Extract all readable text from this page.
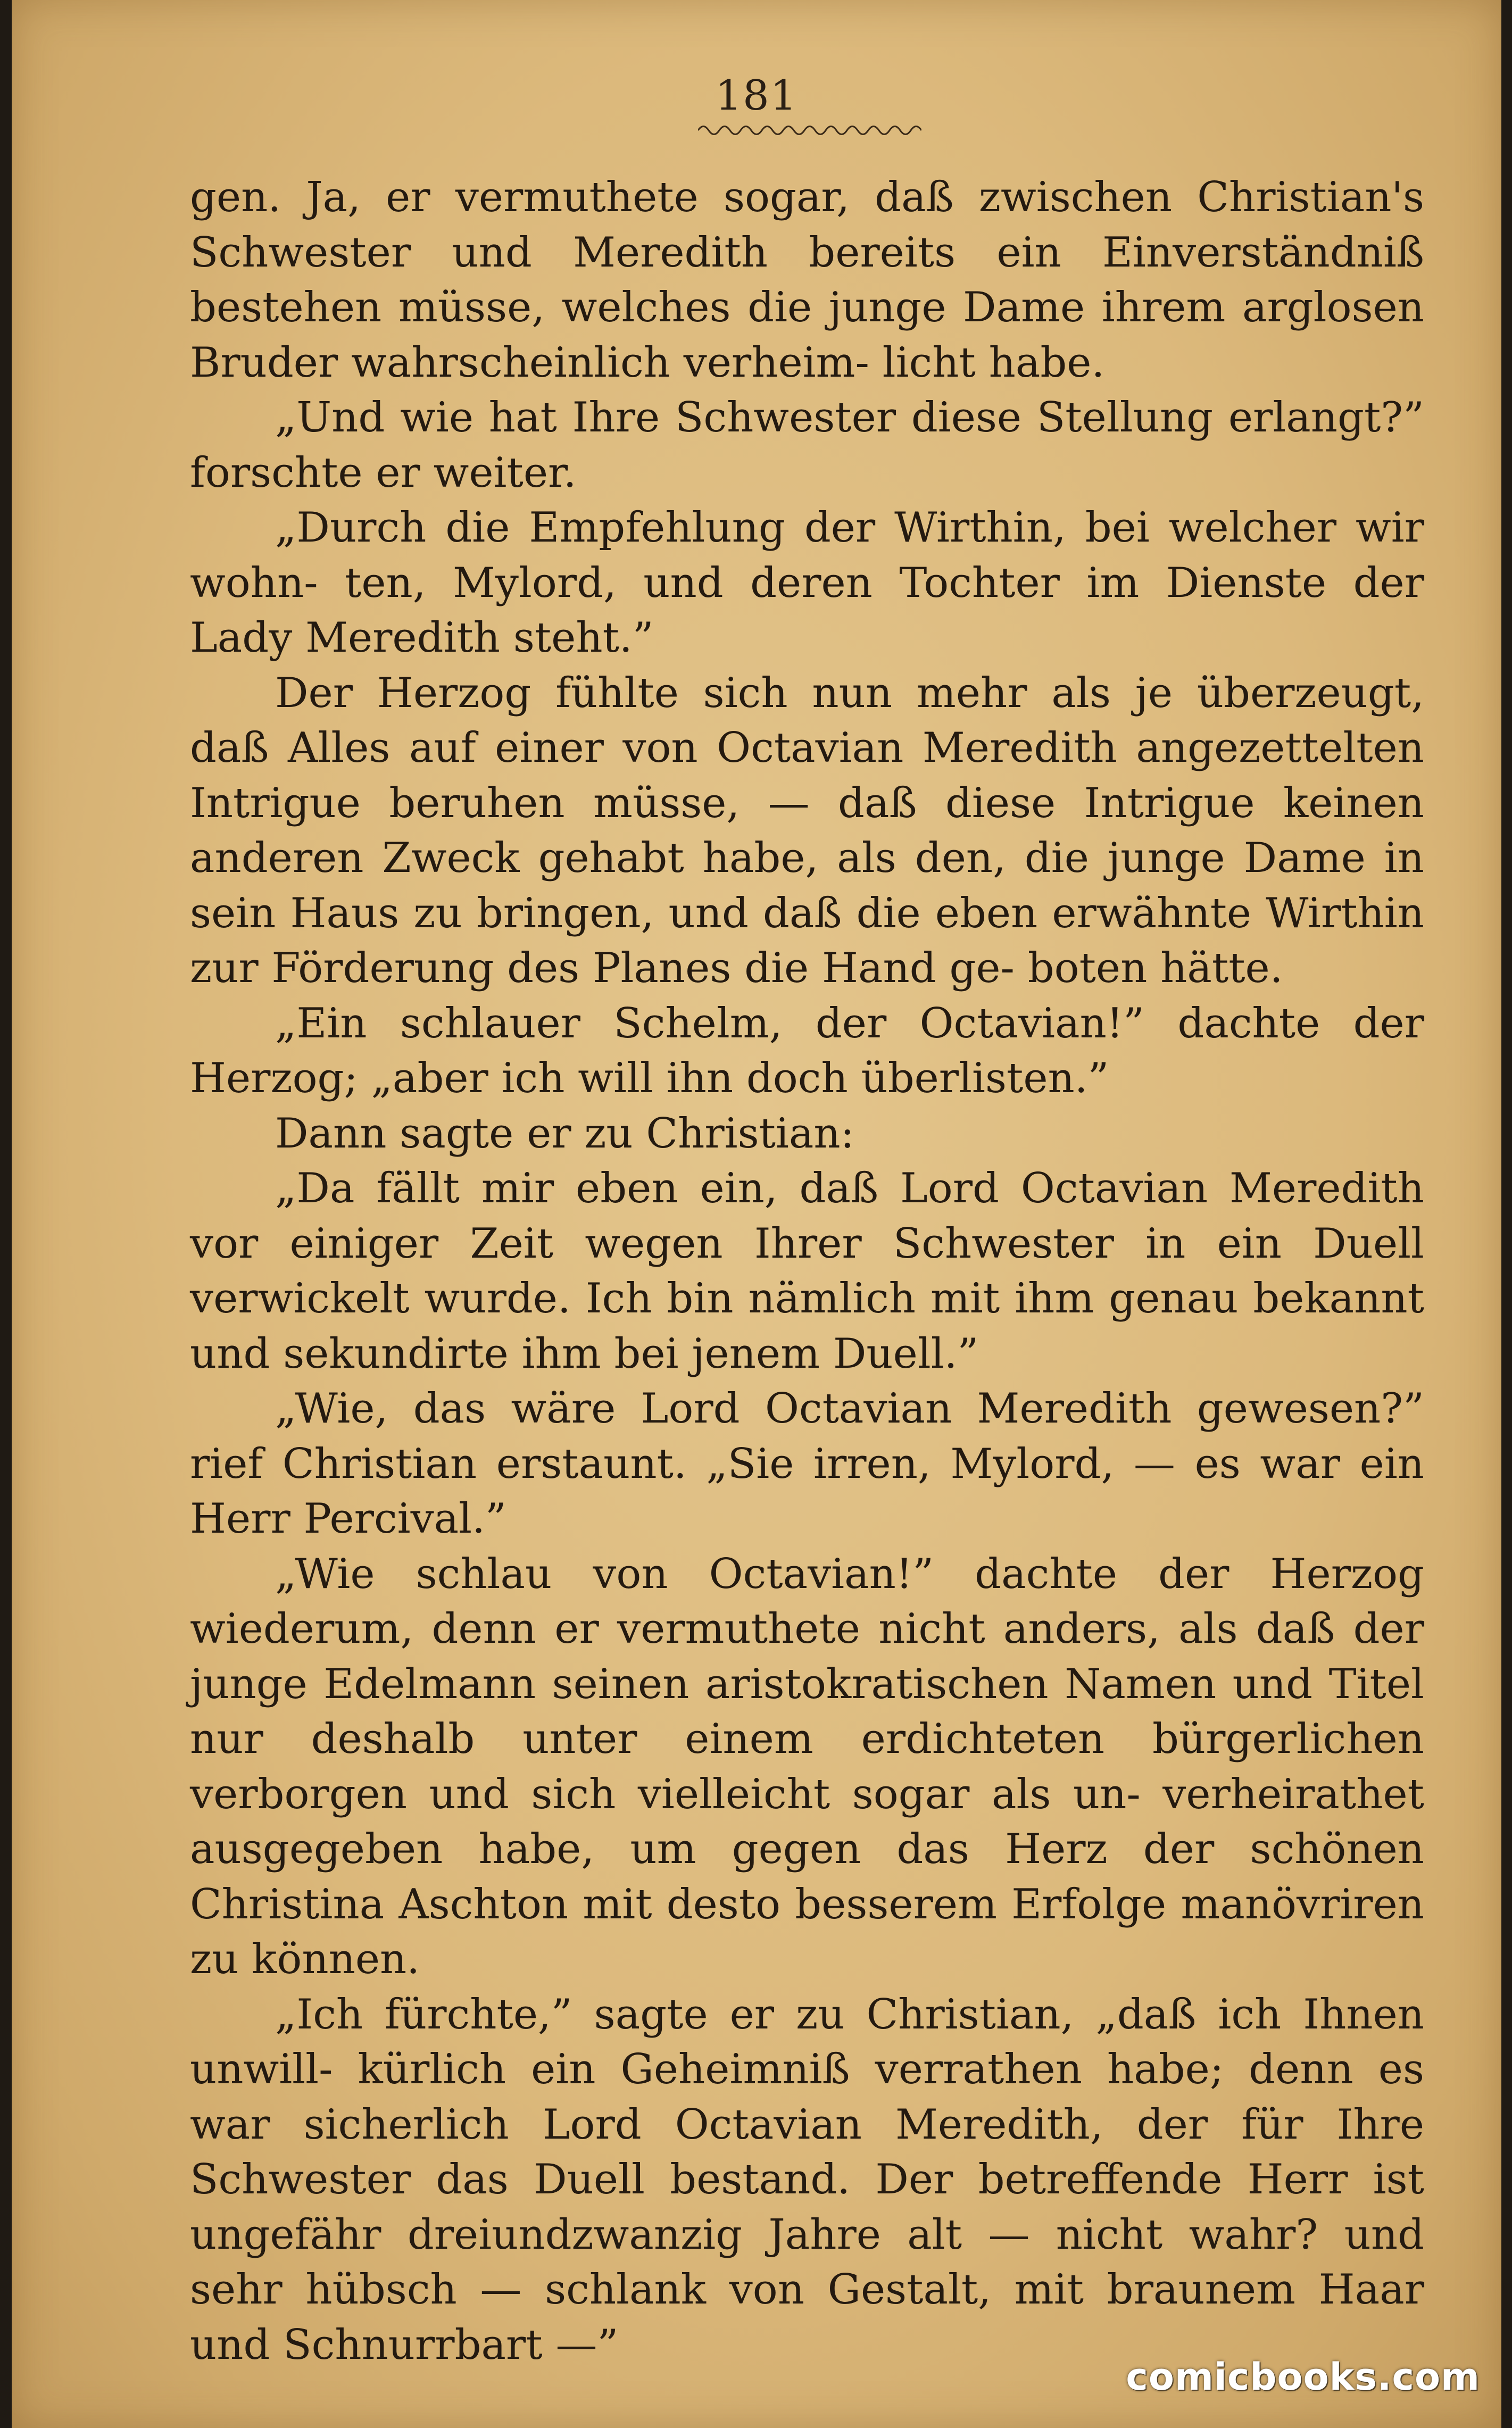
181

gen. Ja, er vermuthete sogar, daß zwischen Christian's Schwester und Meredith bereits ein Einverständniß bestehen müsse, welches die junge Dame ihrem arglosen Bruder wahrscheinlich verheim- licht habe.

„Und wie hat Ihre Schwester diese Stellung erlangt?” forschte er weiter.

„Durch die Empfehlung der Wirthin, bei welcher wir wohn- ten, Mylord, und deren Tochter im Dienste der Lady Meredith steht.”

Der Herzog fühlte sich nun mehr als je überzeugt, daß Alles auf einer von Octavian Meredith angezettelten Intrigue beruhen müsse, — daß diese Intrigue keinen anderen Zweck gehabt habe, als den, die junge Dame in sein Haus zu bringen, und daß die eben erwähnte Wirthin zur Förderung des Planes die Hand ge- boten hätte.

„Ein schlauer Schelm, der Octavian!” dachte der Herzog; „aber ich will ihn doch überlisten.”

Dann sagte er zu Christian:

„Da fällt mir eben ein, daß Lord Octavian Meredith vor einiger Zeit wegen Ihrer Schwester in ein Duell verwickelt wurde. Ich bin nämlich mit ihm genau bekannt und sekundirte ihm bei jenem Duell.”

„Wie, das wäre Lord Octavian Meredith gewesen?” rief Christian erstaunt. „Sie irren, Mylord, — es war ein Herr Percival.”

„Wie schlau von Octavian!” dachte der Herzog wiederum, denn er vermuthete nicht anders, als daß der junge Edelmann seinen aristokratischen Namen und Titel nur deshalb unter einem erdichteten bürgerlichen verborgen und sich vielleicht sogar als un- verheirathet ausgegeben habe, um gegen das Herz der schönen Christina Aschton mit desto besserem Erfolge manövriren zu können.

„Ich fürchte,” sagte er zu Christian, „daß ich Ihnen unwill- kürlich ein Geheimniß verrathen habe; denn es war sicherlich Lord Octavian Meredith, der für Ihre Schwester das Duell bestand. Der betreffende Herr ist ungefähr dreiundzwanzig Jahre alt — nicht wahr? und sehr hübsch — schlank von Gestalt, mit braunem Haar und Schnurrbart —”

comicbooks.com
